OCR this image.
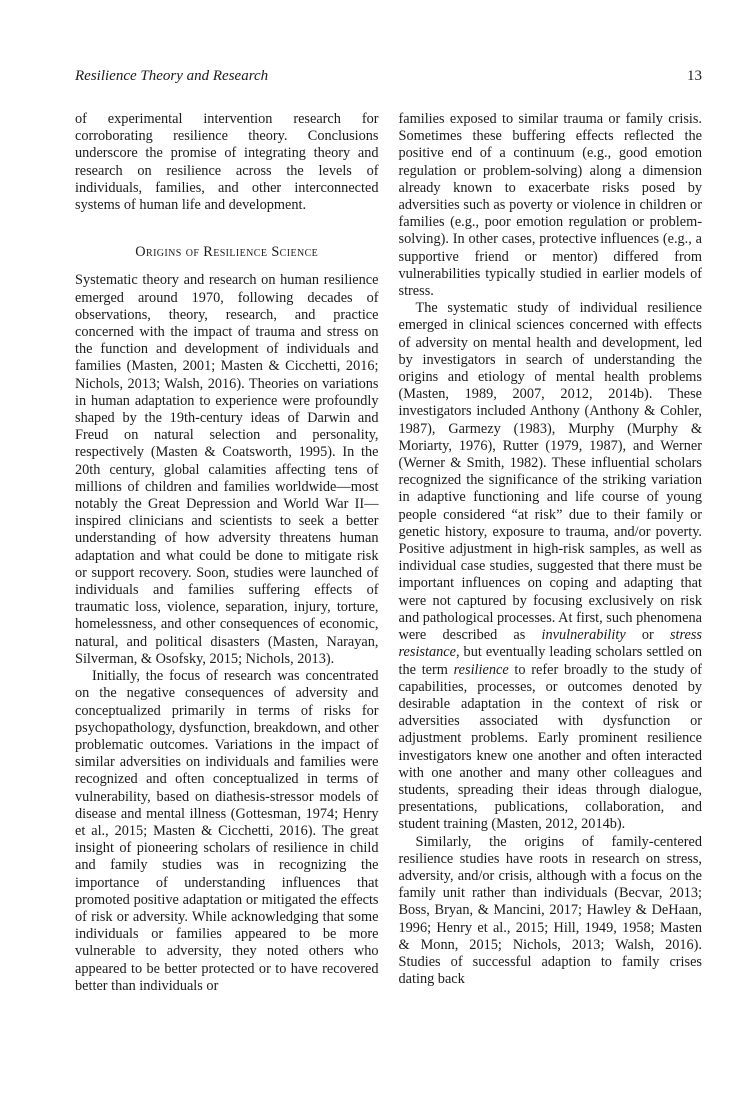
Resilience Theory and Research	13

of experimental intervention research for corroborating resilience theory. Conclusions underscore the promise of integrating theory and research on resilience across the levels of individuals, families, and other interconnected systems of human life and development.

Origins of Resilience Science

Systematic theory and research on human resilience emerged around 1970, following decades of observations, theory, research, and practice concerned with the impact of trauma and stress on the function and development of individuals and families (Masten, 2001; Masten & Cicchetti, 2016; Nichols, 2013; Walsh, 2016). Theories on variations in human adaptation to experience were profoundly shaped by the 19th-century ideas of Darwin and Freud on natural selection and personality, respectively (Masten & Coatsworth, 1995). In the 20th century, global calamities affecting tens of millions of children and families worldwide—most notably the Great Depression and World War II—inspired clinicians and scientists to seek a better understanding of how adversity threatens human adaptation and what could be done to mitigate risk or support recovery. Soon, studies were launched of individuals and families suffering effects of traumatic loss, violence, separation, injury, torture, homelessness, and other consequences of economic, natural, and political disasters (Masten, Narayan, Silverman, & Osofsky, 2015; Nichols, 2013).

Initially, the focus of research was concentrated on the negative consequences of adversity and conceptualized primarily in terms of risks for psychopathology, dysfunction, breakdown, and other problematic outcomes. Variations in the impact of similar adversities on individuals and families were recognized and often conceptualized in terms of vulnerability, based on diathesis-stressor models of disease and mental illness (Gottesman, 1974; Henry et al., 2015; Masten & Cicchetti, 2016). The great insight of pioneering scholars of resilience in child and family studies was in recognizing the importance of understanding influences that promoted positive adaptation or mitigated the effects of risk or adversity. While acknowledging that some individuals or families appeared to be more vulnerable to adversity, they noted others who appeared to be better protected or to have recovered better than individuals or

families exposed to similar trauma or family crisis. Sometimes these buffering effects reflected the positive end of a continuum (e.g., good emotion regulation or problem-solving) along a dimension already known to exacerbate risks posed by adversities such as poverty or violence in children or families (e.g., poor emotion regulation or problem-solving). In other cases, protective influences (e.g., a supportive friend or mentor) differed from vulnerabilities typically studied in earlier models of stress.

The systematic study of individual resilience emerged in clinical sciences concerned with effects of adversity on mental health and development, led by investigators in search of understanding the origins and etiology of mental health problems (Masten, 1989, 2007, 2012, 2014b). These investigators included Anthony (Anthony & Cohler, 1987), Garmezy (1983), Murphy (Murphy & Moriarty, 1976), Rutter (1979, 1987), and Werner (Werner & Smith, 1982). These influential scholars recognized the significance of the striking variation in adaptive functioning and life course of young people considered “at risk” due to their family or genetic history, exposure to trauma, and/or poverty. Positive adjustment in high-risk samples, as well as individual case studies, suggested that there must be important influences on coping and adapting that were not captured by focusing exclusively on risk and pathological processes. At first, such phenomena were described as invulnerability or stress resistance, but eventually leading scholars settled on the term resilience to refer broadly to the study of capabilities, processes, or outcomes denoted by desirable adaptation in the context of risk or adversities associated with dysfunction or adjustment problems. Early prominent resilience investigators knew one another and often interacted with one another and many other colleagues and students, spreading their ideas through dialogue, presentations, publications, collaboration, and student training (Masten, 2012, 2014b).

Similarly, the origins of family-centered resilience studies have roots in research on stress, adversity, and/or crisis, although with a focus on the family unit rather than individuals (Becvar, 2013; Boss, Bryan, & Mancini, 2017; Hawley & DeHaan, 1996; Henry et al., 2015; Hill, 1949, 1958; Masten & Monn, 2015; Nichols, 2013; Walsh, 2016). Studies of successful adaption to family crises dating back
